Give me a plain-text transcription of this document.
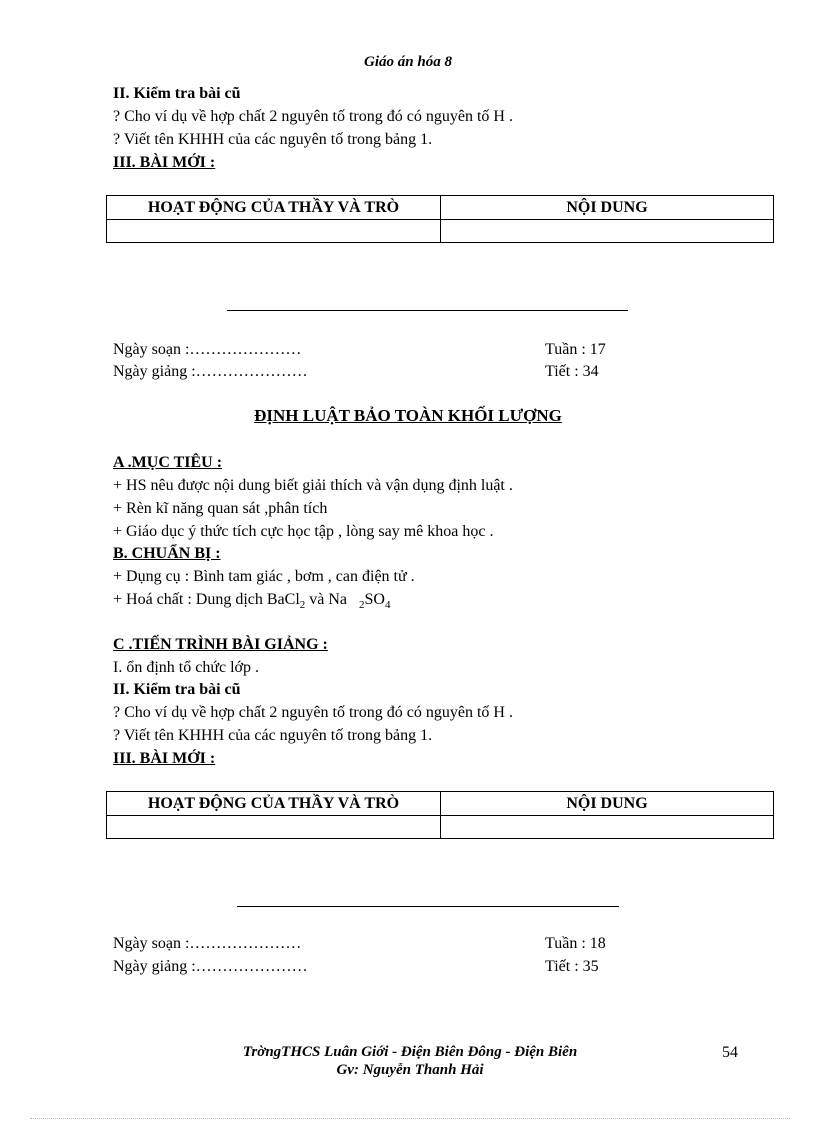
Giáo án hóa 8
II. Kiểm tra bài cũ
? Cho ví dụ về hợp chất 2 nguyên tố trong đó có nguyên tố H .
? Viết tên KHHH của các nguyên tố trong bảng 1.
III. BÀI MỚI :
HOẠT ĐỘNG CỦA THẦY VÀ TRÒ	NỘI DUNG

Ngày soạn :…………………	Tuần : 17
Ngày giảng :…………………	Tiết : 34
ĐỊNH LUẬT BẢO TOÀN KHỐI LƯỢNG
A .MỤC TIÊU :
+ HS nêu được nội dung biết giải thích và vận dụng định luật .
+ Rèn kĩ năng quan sát ,phân tích
+ Giáo dục ý thức tích cực học tập , lòng say mê khoa học .
B. CHUẨN BỊ :
+ Dụng cụ : Bình tam giác , bơm , can điện tử .
+ Hoá chất : Dung dịch BaCl$_2$ và Na $_2SO_4$
C .TIẾN TRÌNH BÀI GIẢNG :
I. ổn định tổ chức lớp .
II. Kiểm tra bài cũ
? Cho ví dụ về hợp chất 2 nguyên tố trong đó có nguyên tố H .
? Viết tên KHHH của các nguyên tố trong bảng 1.
III. BÀI MỚI :
HOẠT ĐỘNG CỦA THẦY VÀ TRÒ	NỘI DUNG

Ngày soạn :…………………	Tuần : 18
Ngày giảng :…………………	Tiết : 35
TrờngTHCS Luân Giới - Điện Biên Đông - Điện Biên
Gv: Nguyễn Thanh Hải
54
